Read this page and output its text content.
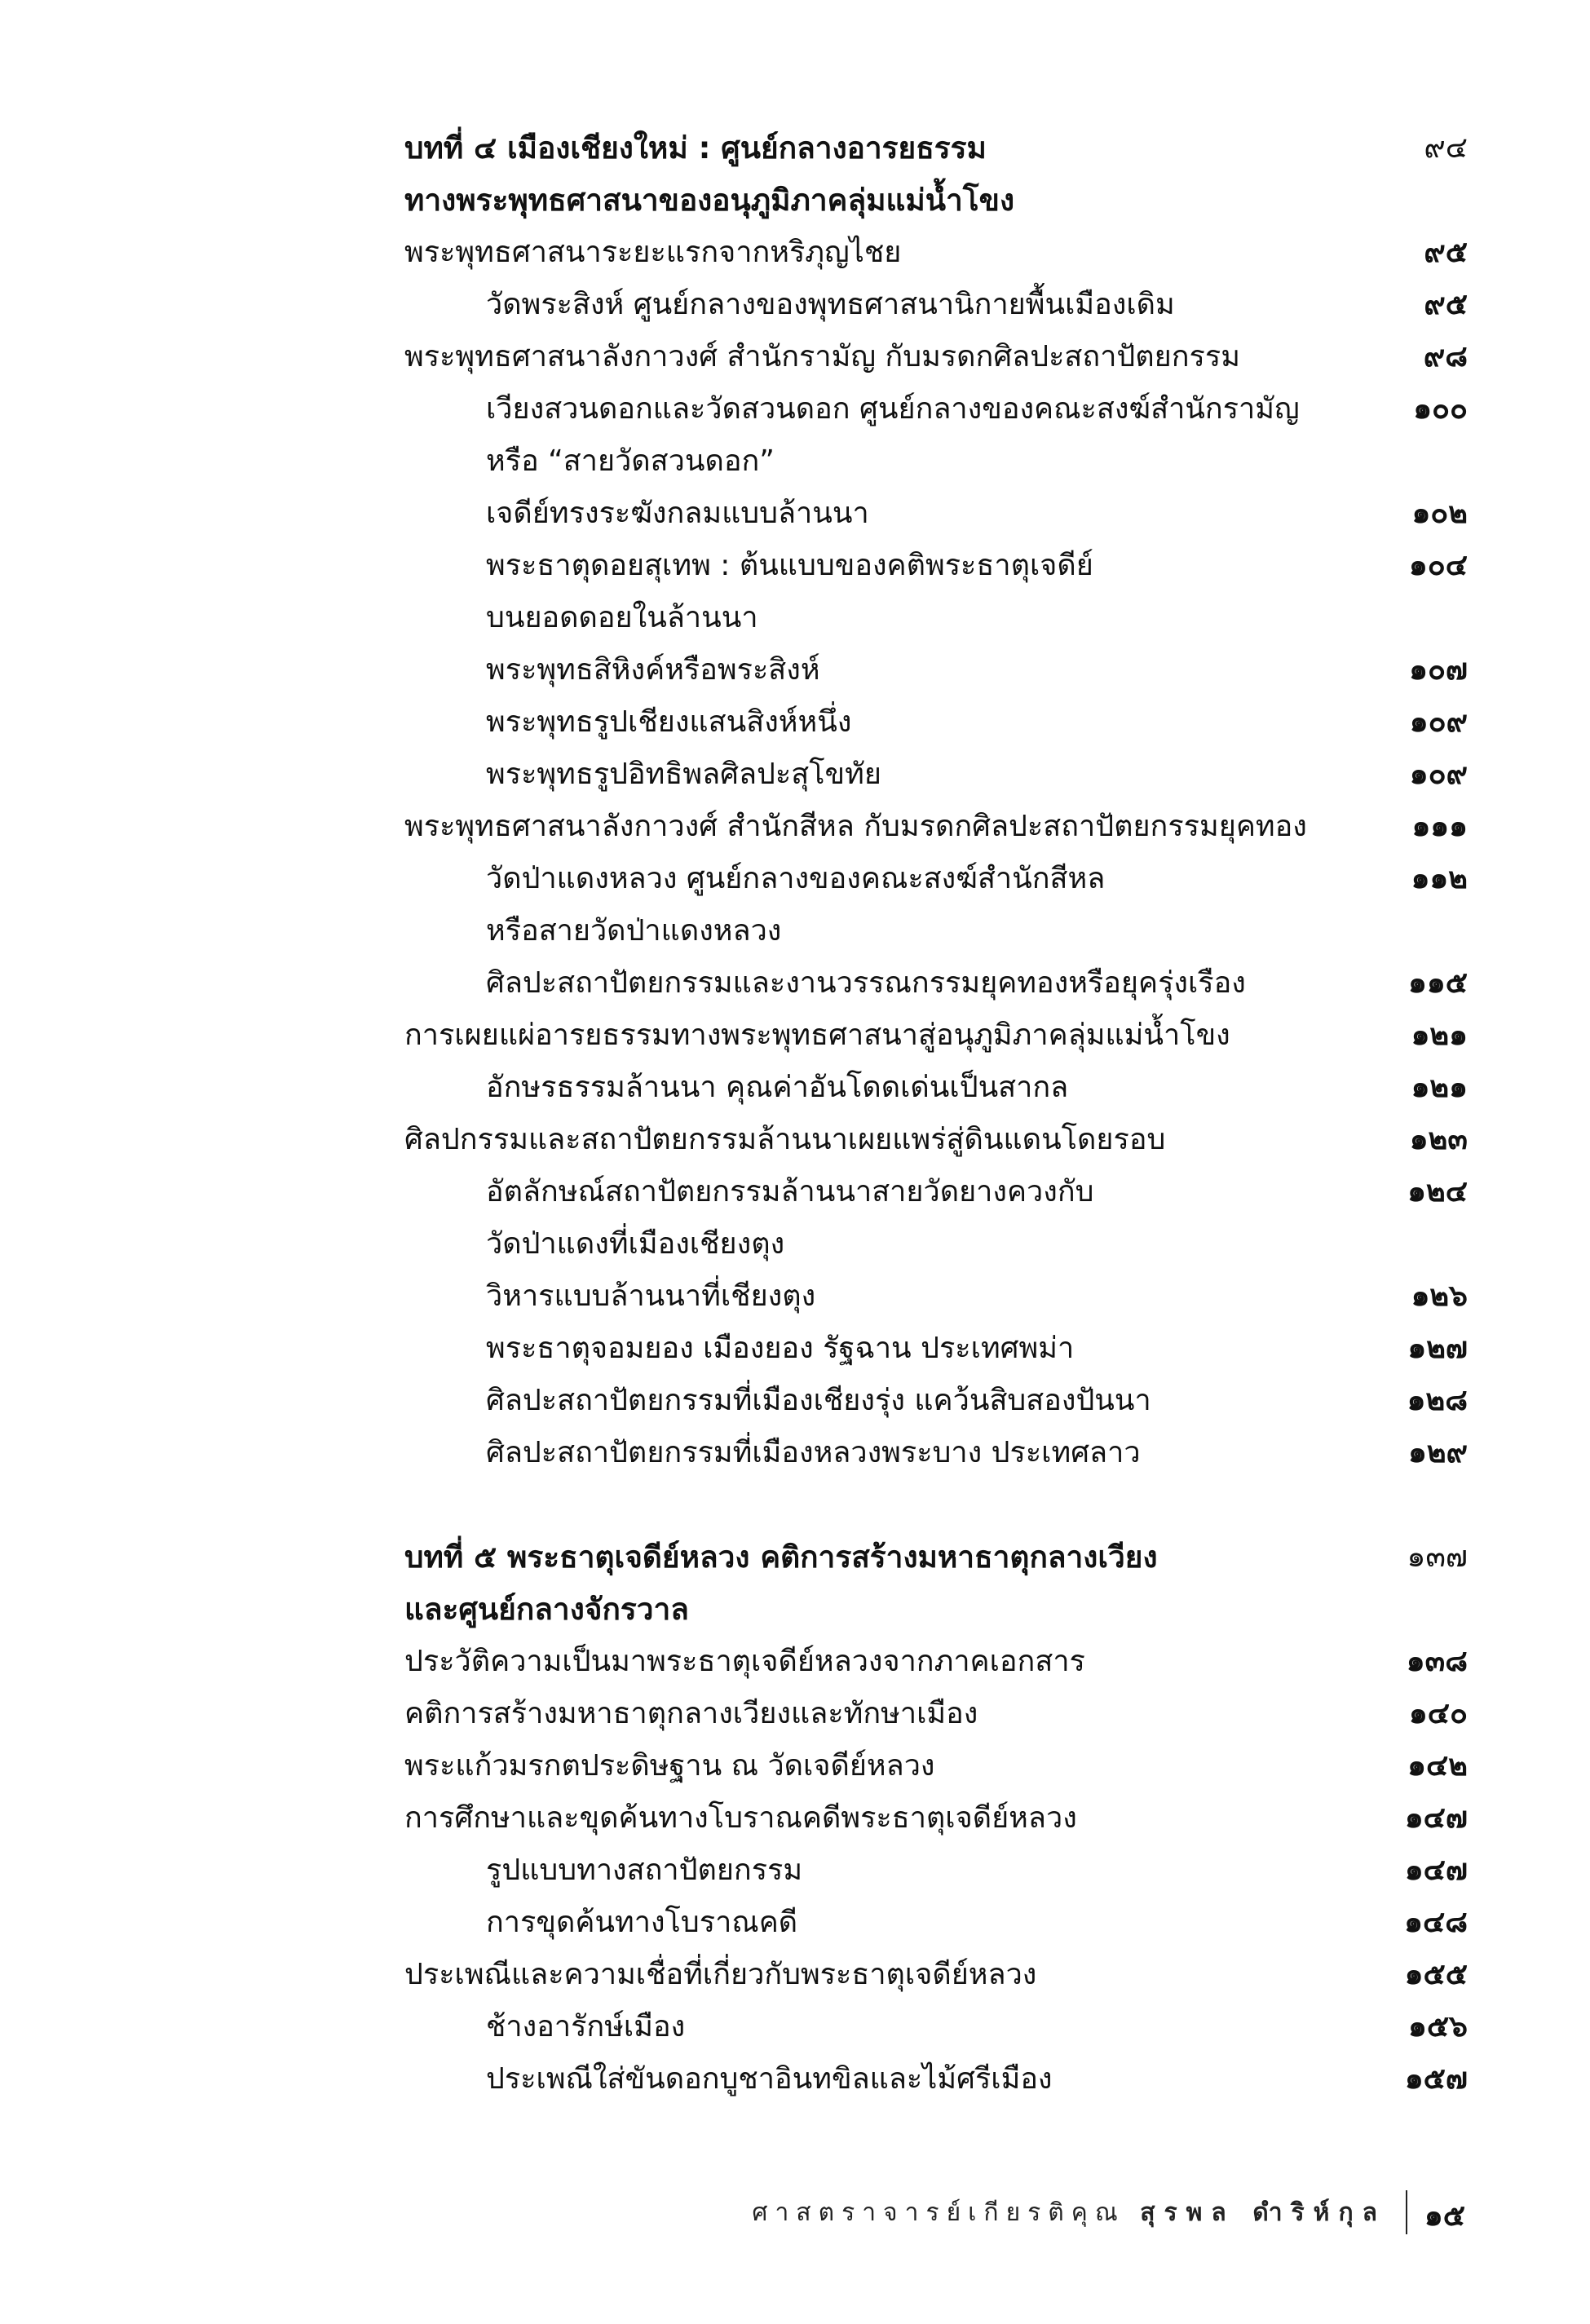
บทที่ ๔ เมืองเชียงใหม่ : ศูนย์กลางอารยธรรม	๙๔
ทางพระพุทธศาสนาของอนุภูมิภาคลุ่มแม่น้ำโขง
พระพุทธศาสนาระยะแรกจากหริภุญไชย	๙๕
วัดพระสิงห์ ศูนย์กลางของพุทธศาสนานิกายพื้นเมืองเดิม	๙๕
พระพุทธศาสนาลังกาวงศ์ สำนักรามัญ กับมรดกศิลปะสถาปัตยกรรม	๙๘
เวียงสวนดอกและวัดสวนดอก ศูนย์กลางของคณะสงฆ์สำนักรามัญ	๑๐๐
หรือ “สายวัดสวนดอก”
เจดีย์ทรงระฆังกลมแบบล้านนา	๑๐๒
พระธาตุดอยสุเทพ : ต้นแบบของคติพระธาตุเจดีย์	๑๐๔
บนยอดดอยในล้านนา
พระพุทธสิหิงค์หรือพระสิงห์	๑๐๗
พระพุทธรูปเชียงแสนสิงห์หนึ่ง	๑๐๙
พระพุทธรูปอิทธิพลศิลปะสุโขทัย	๑๐๙
พระพุทธศาสนาลังกาวงศ์ สำนักสีหล กับมรดกศิลปะสถาปัตยกรรมยุคทอง	๑๑๑
วัดป่าแดงหลวง ศูนย์กลางของคณะสงฆ์สำนักสีหล	๑๑๒
หรือสายวัดป่าแดงหลวง
ศิลปะสถาปัตยกรรมและงานวรรณกรรมยุคทองหรือยุครุ่งเรือง	๑๑๕
การเผยแผ่อารยธรรมทางพระพุทธศาสนาสู่อนุภูมิภาคลุ่มแม่น้ำโขง	๑๒๑
อักษรธรรมล้านนา คุณค่าอันโดดเด่นเป็นสากล	๑๒๑
ศิลปกรรมและสถาปัตยกรรมล้านนาเผยแพร่สู่ดินแดนโดยรอบ	๑๒๓
อัตลักษณ์สถาปัตยกรรมล้านนาสายวัดยางควงกับ	๑๒๔
วัดป่าแดงที่เมืองเชียงตุง
วิหารแบบล้านนาที่เชียงตุง	๑๒๖
พระธาตุจอมยอง เมืองยอง รัฐฉาน ประเทศพม่า	๑๒๗
ศิลปะสถาปัตยกรรมที่เมืองเชียงรุ่ง แคว้นสิบสองปันนา	๑๒๘
ศิลปะสถาปัตยกรรมที่เมืองหลวงพระบาง ประเทศลาว	๑๒๙
บทที่ ๕ พระธาตุเจดีย์หลวง คติการสร้างมหาธาตุกลางเวียง	๑๓๗
และศูนย์กลางจักรวาล
ประวัติความเป็นมาพระธาตุเจดีย์หลวงจากภาคเอกสาร	๑๓๘
คติการสร้างมหาธาตุกลางเวียงและทักษาเมือง	๑๔๐
พระแก้วมรกตประดิษฐาน ณ วัดเจดีย์หลวง	๑๔๒
การศึกษาและขุดค้นทางโบราณคดีพระธาตุเจดีย์หลวง	๑๔๗
รูปแบบทางสถาปัตยกรรม	๑๔๗
การขุดค้นทางโบราณคดี	๑๔๘
ประเพณีและความเชื่อที่เกี่ยวกับพระธาตุเจดีย์หลวง	๑๕๕
ช้างอารักษ์เมือง	๑๕๖
ประเพณีใส่ขันดอกบูชาอินทขิลและไม้ศรีเมือง	๑๕๗
ศาสตราจารย์เกียรติคุณ สุรพล ดำริห์กุล ๑๕
